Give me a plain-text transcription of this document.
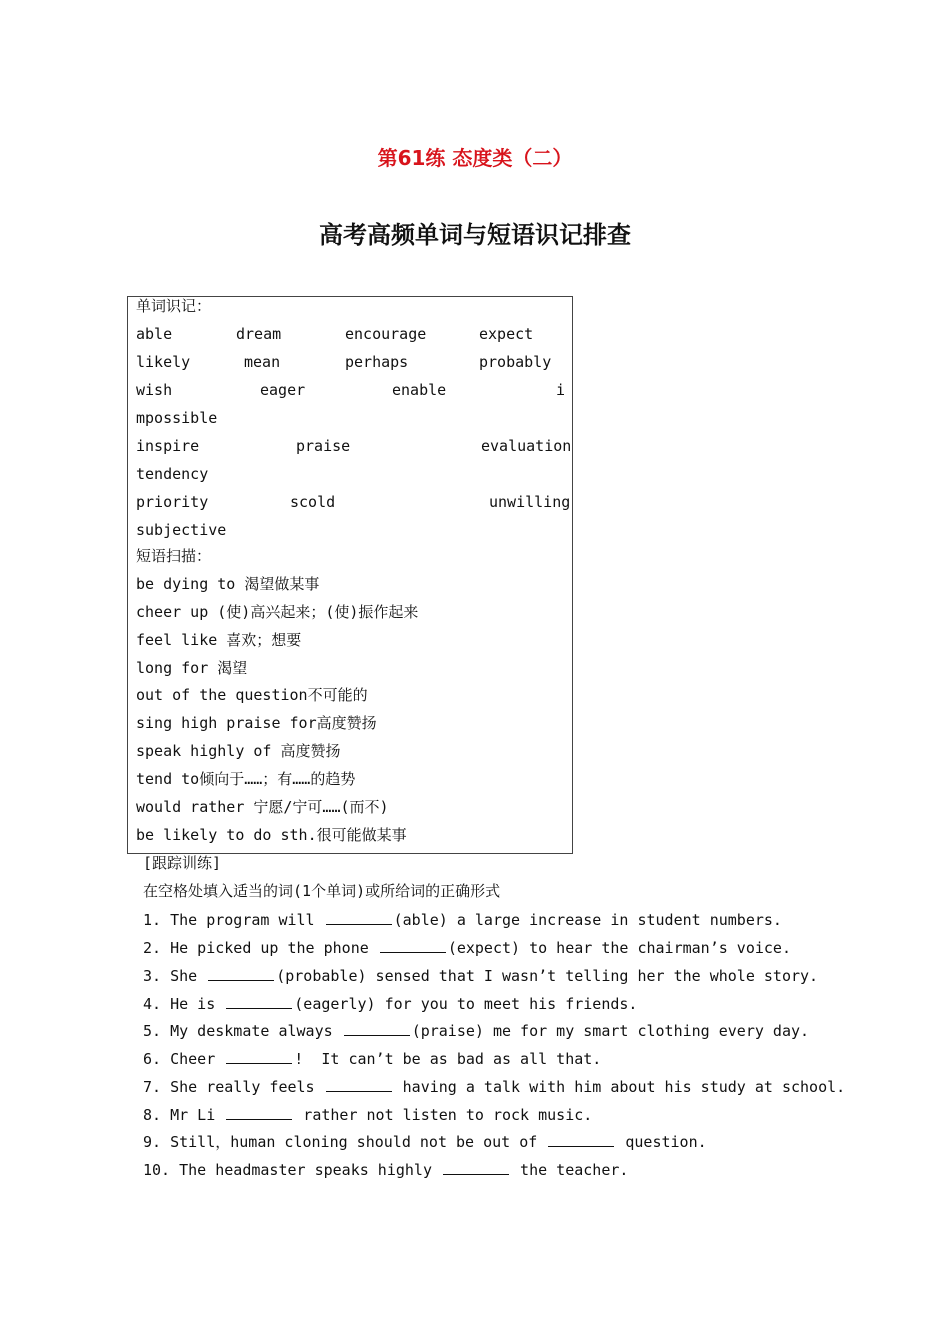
第61练 态度类（二）
高考高频单词与短语识记排查
单词识记：
able	dream	encourage	expect
likely	mean	perhaps	probably
wish	eager	enable	i
mpossible
inspire	praise	evaluation
tendency
priority	scold	unwilling
subjective
短语扫描：
be dying to 渴望做某事
cheer up (使)高兴起来；(使)振作起来
feel like 喜欢；想要
long for 渴望
out of the question不可能的
sing high praise for高度赞扬
speak highly of 高度赞扬
tend to倾向于……；有……的趋势
would rather 宁愿/宁可……(而不)
be likely to do sth.很可能做某事
[跟踪训练]
在空格处填入适当的词(1个单词)或所给词的正确形式
1. The program will	(able) a large increase in student numbers.
2. He picked up the phone	(expect) to hear the chairman’s voice.
3. She	(probable) sensed that I wasn’t telling her the whole story.
4. He is	(eagerly) for you to meet his friends.
5. My deskmate always	(praise) me for my smart clothing every day.
6. Cheer	!  It can’t be as bad as all that.
7. She really feels	having a talk with him about his study at school.
8. Mr Li	rather not listen to rock music.
9. Still，human cloning should not be out of	question.
10. The headmaster speaks highly	the teacher.
